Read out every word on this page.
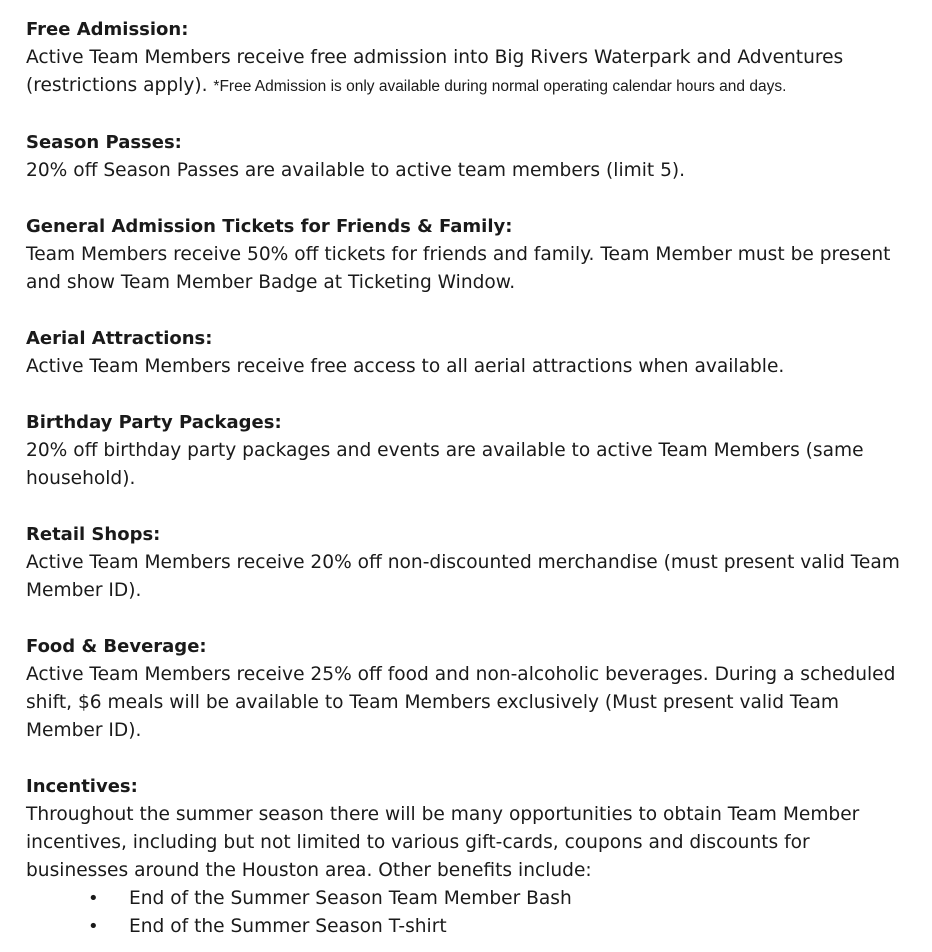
Free Admission:
Active Team Members receive free admission into Big Rivers Waterpark and Adventures (restrictions apply). *Free Admission is only available during normal operating calendar hours and days.
Season Passes:
20% off Season Passes are available to active team members (limit 5).
General Admission Tickets for Friends & Family:
Team Members receive 50% off tickets for friends and family. Team Member must be present and show Team Member Badge at Ticketing Window.
Aerial Attractions:
Active Team Members receive free access to all aerial attractions when available.
Birthday Party Packages:
20% off birthday party packages and events are available to active Team Members (same household).
Retail Shops:
Active Team Members receive 20% off non-discounted merchandise (must present valid Team Member ID).
Food & Beverage:
Active Team Members receive 25% off food and non-alcoholic beverages. During a scheduled shift, $6 meals will be available to Team Members exclusively (Must present valid Team Member ID).
Incentives:
Throughout the summer season there will be many opportunities to obtain Team Member incentives, including but not limited to various gift-cards, coupons and discounts for businesses around the Houston area. Other benefits include:
• End of the Summer Season Team Member Bash
• End of the Summer Season T-shirt
